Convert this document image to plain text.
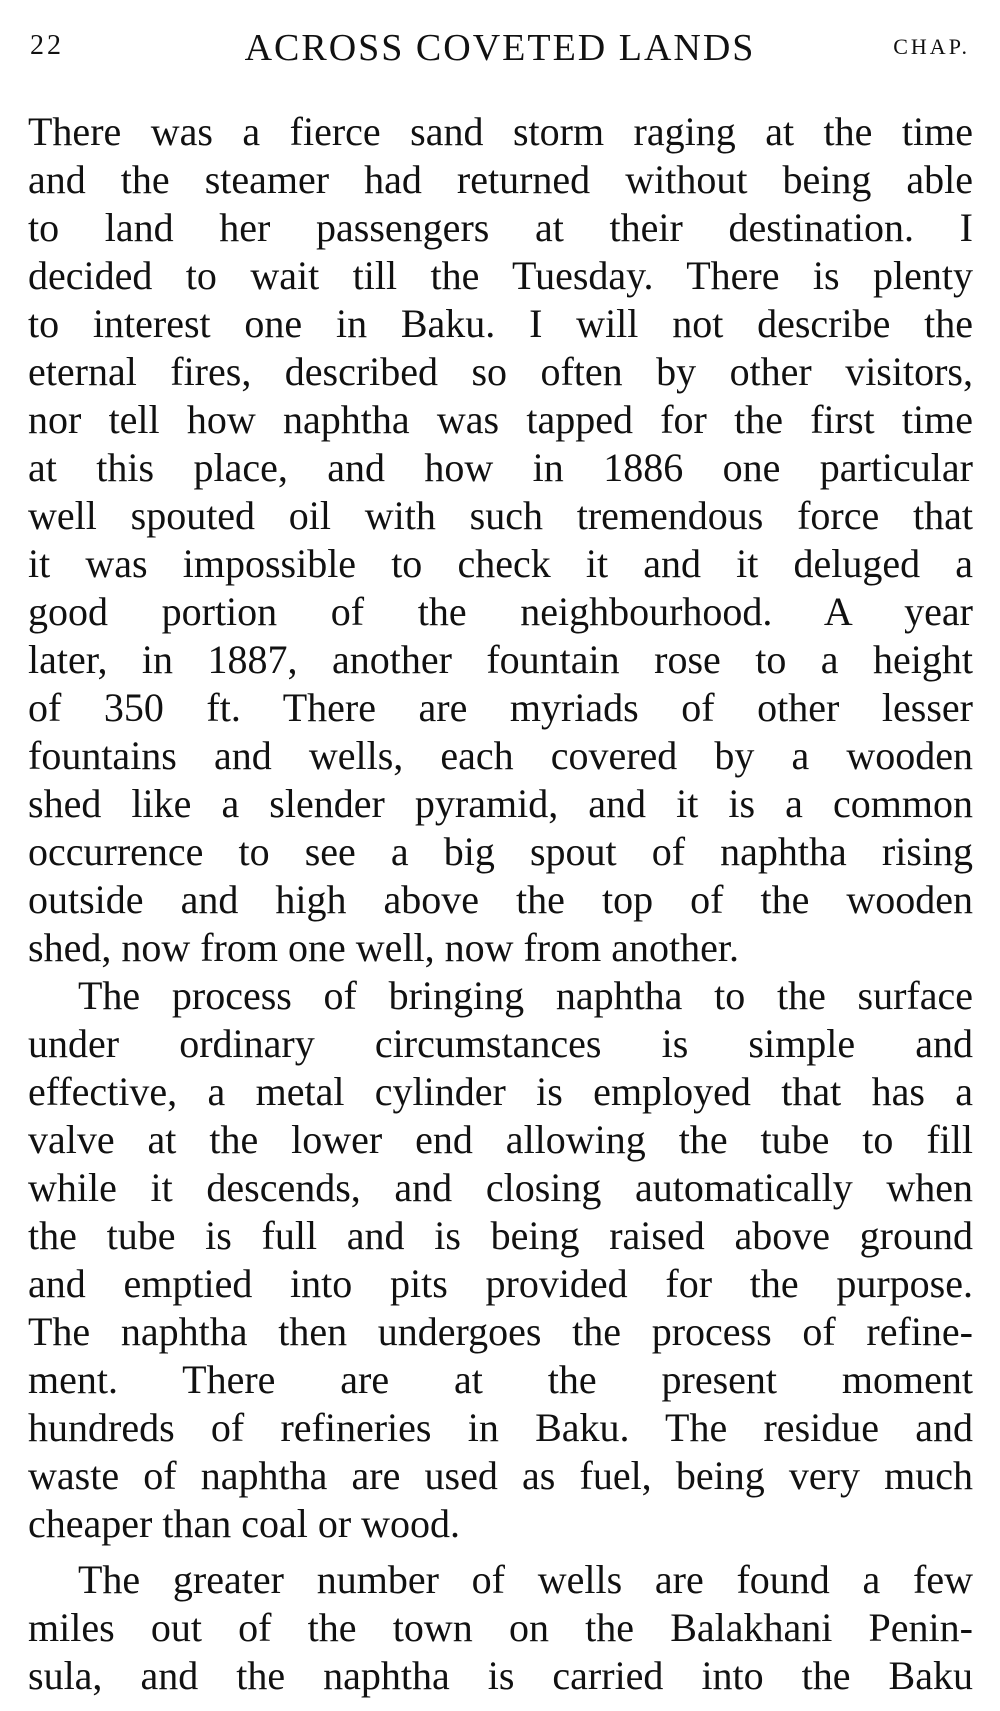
22	ACROSS COVETED LANDS	CHAP.
There was a fierce sand storm raging at the time
and the steamer had returned without being able
to land her passengers at their destination. I
decided to wait till the Tuesday. There is plenty
to interest one in Baku. I will not describe the
eternal fires, described so often by other visitors,
nor tell how naphtha was tapped for the first time
at this place, and how in 1886 one particular
well spouted oil with such tremendous force that
it was impossible to check it and it deluged a
good portion of the neighbourhood. A year
later, in 1887, another fountain rose to a height
of 350 ft. There are myriads of other lesser
fountains and wells, each covered by a wooden
shed like a slender pyramid, and it is a common
occurrence to see a big spout of naphtha rising
outside and high above the top of the wooden
shed, now from one well, now from another.
The process of bringing naphtha to the surface
under ordinary circumstances is simple and
effective, a metal cylinder is employed that has a
valve at the lower end allowing the tube to fill
while it descends, and closing automatically when
the tube is full and is being raised above ground
and emptied into pits provided for the purpose.
The naphtha then undergoes the process of refine-
ment. There are at the present moment
hundreds of refineries in Baku. The residue and
waste of naphtha are used as fuel, being very much
cheaper than coal or wood.
The greater number of wells are found a few
miles out of the town on the Balakhani Penin-
sula, and the naphtha is carried into the Baku
